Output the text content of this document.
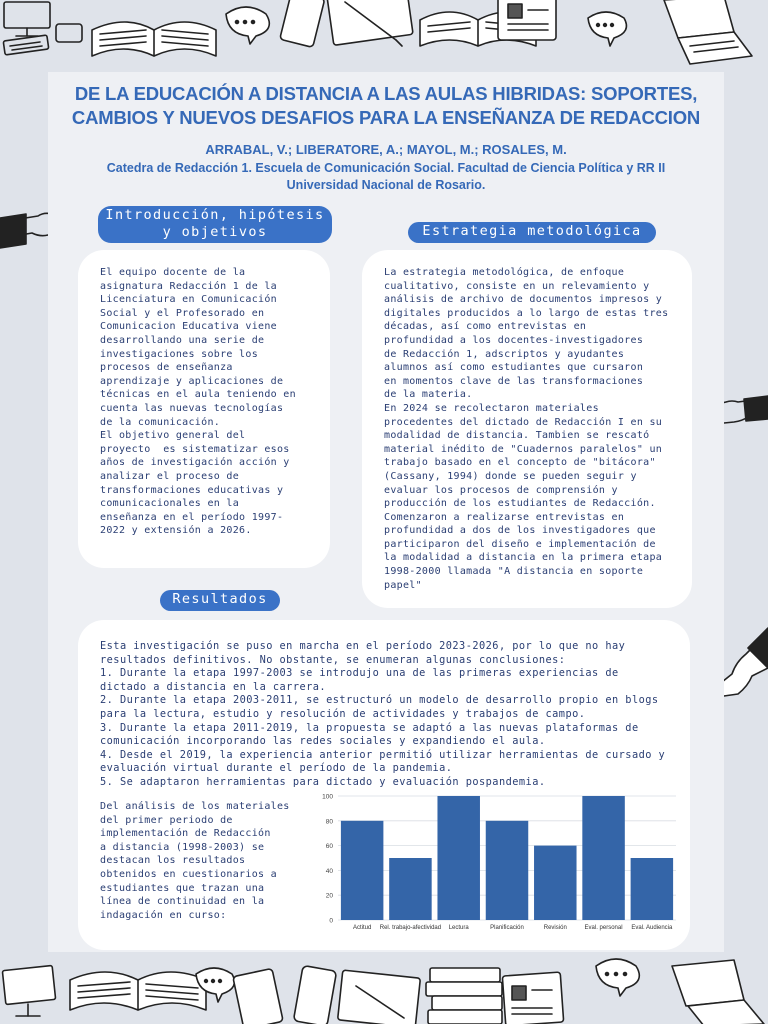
DE LA EDUCACIÓN A DISTANCIA A LAS AULAS HIBRIDAS: SOPORTES,
CAMBIOS Y NUEVOS DESAFIOS PARA LA ENSEÑANZA DE REDACCION
ARRABAL, V.; LIBERATORE, A.; MAYOL, M.; ROSALES, M.
Catedra de Redacción 1. Escuela de Comunicación Social. Facultad de Ciencia Política y RR II
Universidad Nacional de Rosario.
Introducción, hipótesis
y objetivos
El equipo docente de la
asignatura Redacción 1 de la
Licenciatura en Comunicación
Social y el Profesorado en
Comunicacion Educativa viene
desarrollando una serie de
investigaciones sobre los
procesos de enseñanza
aprendizaje y aplicaciones de
técnicas en el aula teniendo en
cuenta las nuevas tecnologías
de la comunicación.
El objetivo general del
proyecto  es sistematizar esos
años de investigación acción y
analizar el proceso de
transformaciones educativas y
comunicacionales en la
enseñanza en el período 1997-
2022 y extensión a 2026.
Estrategia metodológica
La estrategia metodológica, de enfoque
cualitativo, consiste en un relevamiento y
análisis de archivo de documentos impresos y
digitales producidos a lo largo de estas tres
décadas, así como entrevistas en
profundidad a los docentes-investigadores
de Redacción 1, adscriptos y ayudantes
alumnos así como estudiantes que cursaron
en momentos clave de las transformaciones
de la materia.
En 2024 se recolectaron materiales
procedentes del dictado de Redacción I en su
modalidad de distancia. Tambien se rescató
material inédito de "Cuadernos paralelos" un
trabajo basado en el concepto de "bitácora"
(Cassany, 1994) donde se pueden seguir y
evaluar los procesos de comprensión y
producción de los estudiantes de Redacción.
Comenzaron a realizarse entrevistas en
profundidad a dos de los investigadores que
participaron del diseño e implementación de
la modalidad a distancia en la primera etapa
1998-2000 llamada "A distancia en soporte
papel"
Resultados
Esta investigación se puso en marcha en el período 2023-2026, por lo que no hay
resultados definitivos. No obstante, se enumeran algunas conclusiones:
1. Durante la etapa 1997-2003 se introdujo una de las primeras experiencias de
dictado a distancia en la carrera.
2. Durante la etapa 2003-2011, se estructuró un modelo de desarrollo propio en blogs
para la lectura, estudio y resolución de actividades y trabajos de campo.
3. Durante la etapa 2011-2019, la propuesta se adaptó a las nuevas plataformas de
comunicación incorporando las redes sociales y expandiendo el aula.
4. Desde el 2019, la experiencia anterior permitió utilizar herramientas de cursado y
evaluación virtual durante el período de la pandemia.
5. Se adaptaron herramientas para dictado y evaluación pospandemia.
Del análisis de los materiales
del primer periodo de
implementación de Redacción
a distancia (1998-2003) se
destacan los resultados
obtenidos en cuestionarios a
estudiantes que trazan una
línea de continuidad en la
indagación en curso:
0
20
40
60
80
100
Actitud Rel. trabajo-afectividad Lectura	Planificación	Revisión	Eval. personal Eval. Audiencia
